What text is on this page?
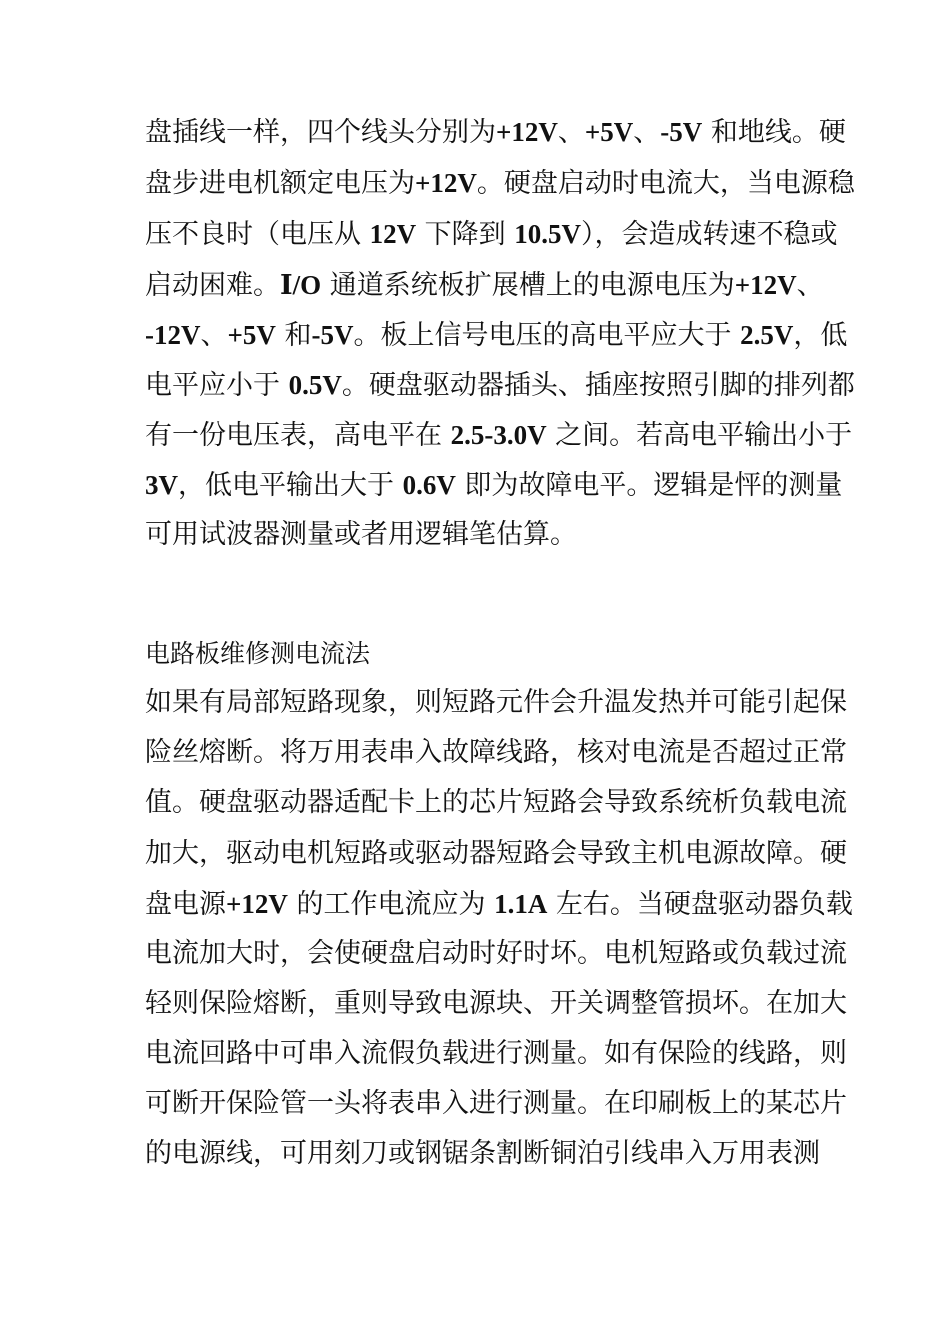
盘插线一样，四个线头分别为+12V、+5V、-5V 和地线。硬

盘步进电机额定电压为+12V。硬盘启动时电流大，当电源稳

压不良时（电压从 12V 下降到 10.5V），会造成转速不稳或

启动困难。Ⅰ/O 通道系统板扩展槽上的电源电压为+12V、

-12V、+5V 和-5V。板上信号电压的高电平应大于 2.5V，低

电平应小于 0.5V。硬盘驱动器插头、插座按照引脚的排列都

有一份电压表，高电平在 2.5-3.0V 之间。若高电平输出小于

3V，低电平输出大于 0.6V 即为故障电平。逻辑是怦的测量

可用试波器测量或者用逻辑笔估算。

电路板维修测电流法

如果有局部短路现象，则短路元件会升温发热并可能引起保

险丝熔断。将万用表串入故障线路，核对电流是否超过正常

值。硬盘驱动器适配卡上的芯片短路会导致系统析负载电流

加大，驱动电机短路或驱动器短路会导致主机电源故障。硬

盘电源+12V 的工作电流应为 1.1A 左右。当硬盘驱动器负载

电流加大时，会使硬盘启动时好时坏。电机短路或负载过流

轻则保险熔断，重则导致电源块、开关调整管损坏。在加大

电流回路中可串入流假负载进行测量。如有保险的线路，则

可断开保险管一头将表串入进行测量。在印刷板上的某芯片

的电源线，可用刻刀或钢锯条割断铜泊引线串入万用表测
